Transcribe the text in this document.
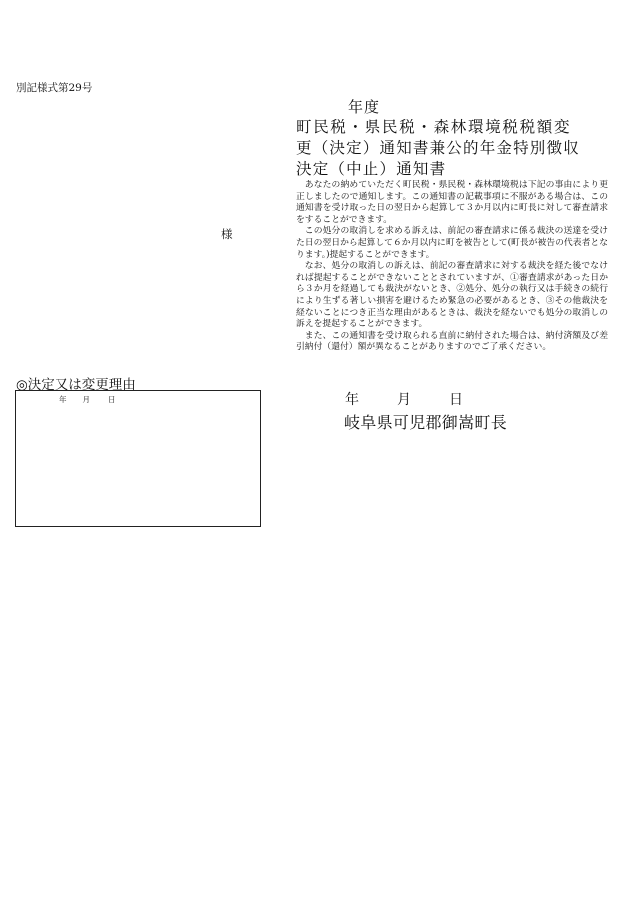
別記様式第29号
年度
町民税・県民税・森林環境税税額変
更（決定）通知書兼公的年金特別徴収
決定（中止）通知書
様

あなたの納めていただく町民税・県民税・森林環境税は下記の事由により更正しましたので通知します。この通知書の記載事項に不服がある場合は、この通知書を受け取った日の翌日から起算して３か月以内に町長に対して審査請求をすることができます。

この処分の取消しを求める訴えは、前記の審査請求に係る裁決の送達を受けた日の翌日から起算して６か月以内に町を被告として(町長が被告の代表者となります。)提起することができます。

なお、処分の取消しの訴えは、前記の審査請求に対する裁決を経た後でなければ提起することができないこととされていますが、①審査請求があった日から３か月を経過しても裁決がないとき、②処分、処分の執行又は手続きの続行により生ずる著しい損害を避けるため緊急の必要があるとき、③その他裁決を経ないことにつき正当な理由があるときは、裁決を経ないでも処分の取消しの訴えを提起することができます。

また、この通知書を受け取られる直前に納付された場合は、納付済額及び差引納付（還付）額が異なることがありますのでご了承ください。

◎決定又は変更理由
年 月 日	年	月	日
岐阜県可児郡御嵩町長
